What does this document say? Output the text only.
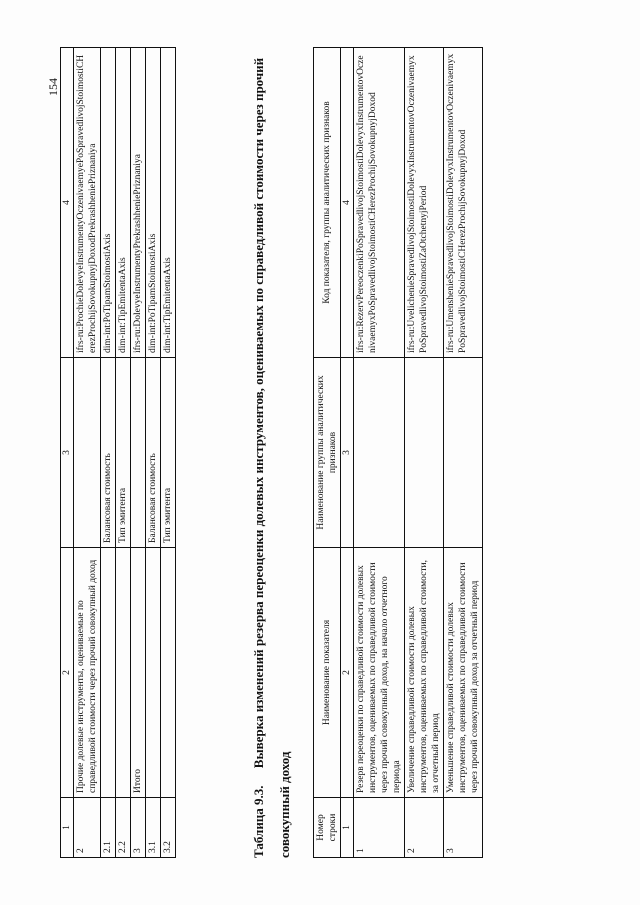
154
1	2	3	4
2	Прочие долевые инструменты, оцениваемые по справедливой стоимости через прочий совокупный доход		ifrs-ru:ProchieDolevyeInstrumentyOczenivaemyePoSpravedlivojStoimostiCHerezProchijSovokupnyjDoxodPrekrashheniePriznaniya
2.1		Балансовая стоимость	dim-int:PoTipamStoimostiAxis
2.2		Тип эмитента	dim-int:TipEmitentaAxis
3	Итого		ifrs-ru:DolevyeInstrumentyPrekrashheniePriznaniya
3.1		Балансовая стоимость	dim-int:PoTipamStoimostiAxis
3.2		Тип эмитента	dim-int:TipEmitentaAxis
Таблица 9.3. Выверка изменений резерва переоценки долевых инструментов, оцениваемых по справедливой стоимости через прочий совокупный доход	Номер строки	Наименование показателя	Наименование группы аналитических признаков	Код показателя, группы аналитических признаков
1	2	3	4
1	Резерв переоценки по справедливой стоимости долевых инструментов, оцениваемых по справедливой стоимости через прочий совокупный доход, на начало отчетного периода		ifrs-ru:RezervPereoczenkiPoSpravedlivojStoimostiDolevyxInstrumentovOczenivaemyxPoSpravedlivojStoimostiCHerezProchijSovokupnyjDoxod
2	Увеличение справедливой стоимости долевых инструментов, оцениваемых по справедливой стоимости, за отчетный период		ifrs-ru:UvelichenieSpravedlivojStoimostiDolevyxInstrumentovOczenivaemyxPoSpravedlivojStoimostiZaOtchetnyjPeriod
3	Уменьшение справедливой стоимости долевых инструментов, оцениваемых по справедливой стоимости через прочий совокупный доход за отчетный период		ifrs-ru:UmenshenieSpravedlivojStoimostiDolevyxInstrumentovOczenivaemyxPoSpravedlivojStoimostiCHerezProchijSovokupnyjDoxod
